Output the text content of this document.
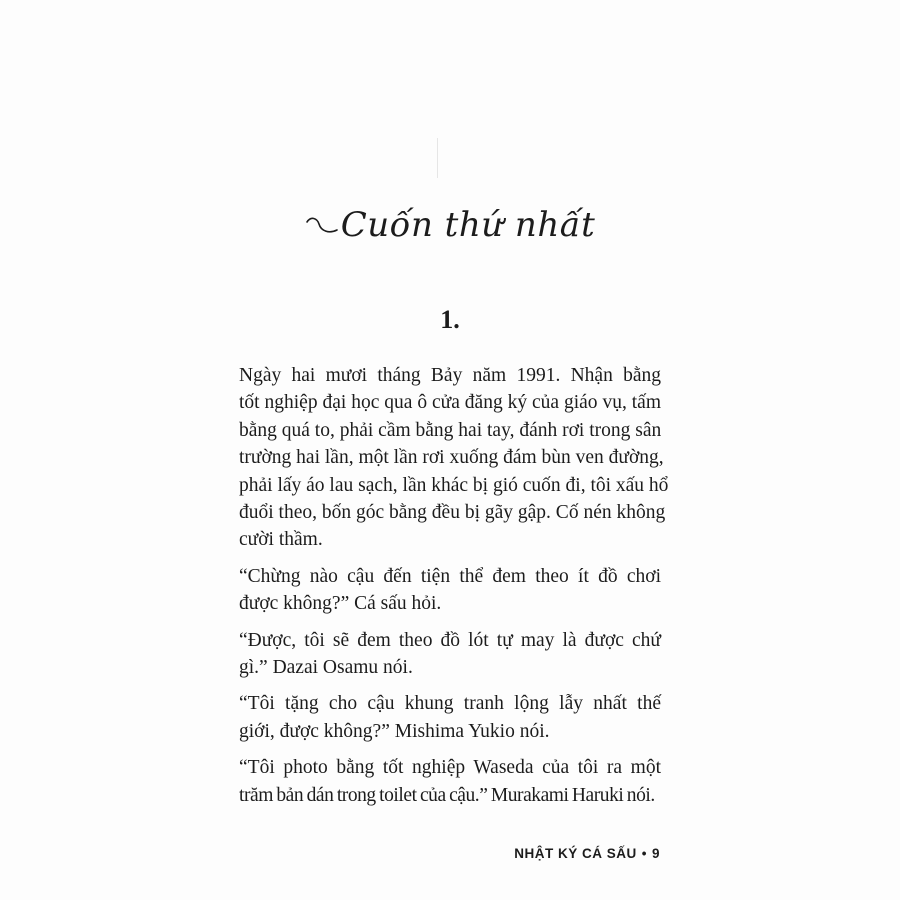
Cuốn thứ nhất
1.

Ngày hai mươi tháng Bảy năm 1991. Nhận bằng
tốt nghiệp đại học qua ô cửa đăng ký của giáo vụ, tấm
bằng quá to, phải cầm bằng hai tay, đánh rơi trong sân
trường hai lần, một lần rơi xuống đám bùn ven đường,
phải lấy áo lau sạch, lần khác bị gió cuốn đi, tôi xấu hổ
đuổi theo, bốn góc bằng đều bị gãy gập. Cố nén không
cười thầm.

“Chừng nào cậu đến tiện thể đem theo ít đồ chơi
được không?” Cá sấu hỏi.

“Được, tôi sẽ đem theo đồ lót tự may là được chứ
gì.” Dazai Osamu nói.

“Tôi tặng cho cậu khung tranh lộng lẫy nhất thế
giới, được không?” Mishima Yukio nói.

“Tôi photo bằng tốt nghiệp Waseda của tôi ra một
trăm bản dán trong toilet của cậu.” Murakami Haruki nói.

NHẬT KÝ CÁ SẤU • 9
